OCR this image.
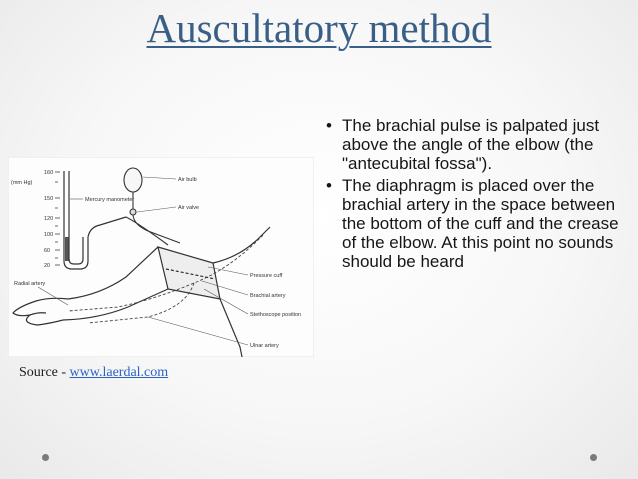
Auscultatory method
(mm Hg)
160
150
120
100
60
20
Air bulb
Air valve
Mercury manometer
Radial artery
Pressure cuff
Brachial artery
Stethoscope position
Ulnar artery
Source - www.laerdal.com
• The brachial pulse is palpated just above the angle of the elbow (the "antecubital fossa").
• The diaphragm is placed over the brachial artery in the space between the bottom of the cuff and the crease of the elbow. At this point no sounds should be heard
